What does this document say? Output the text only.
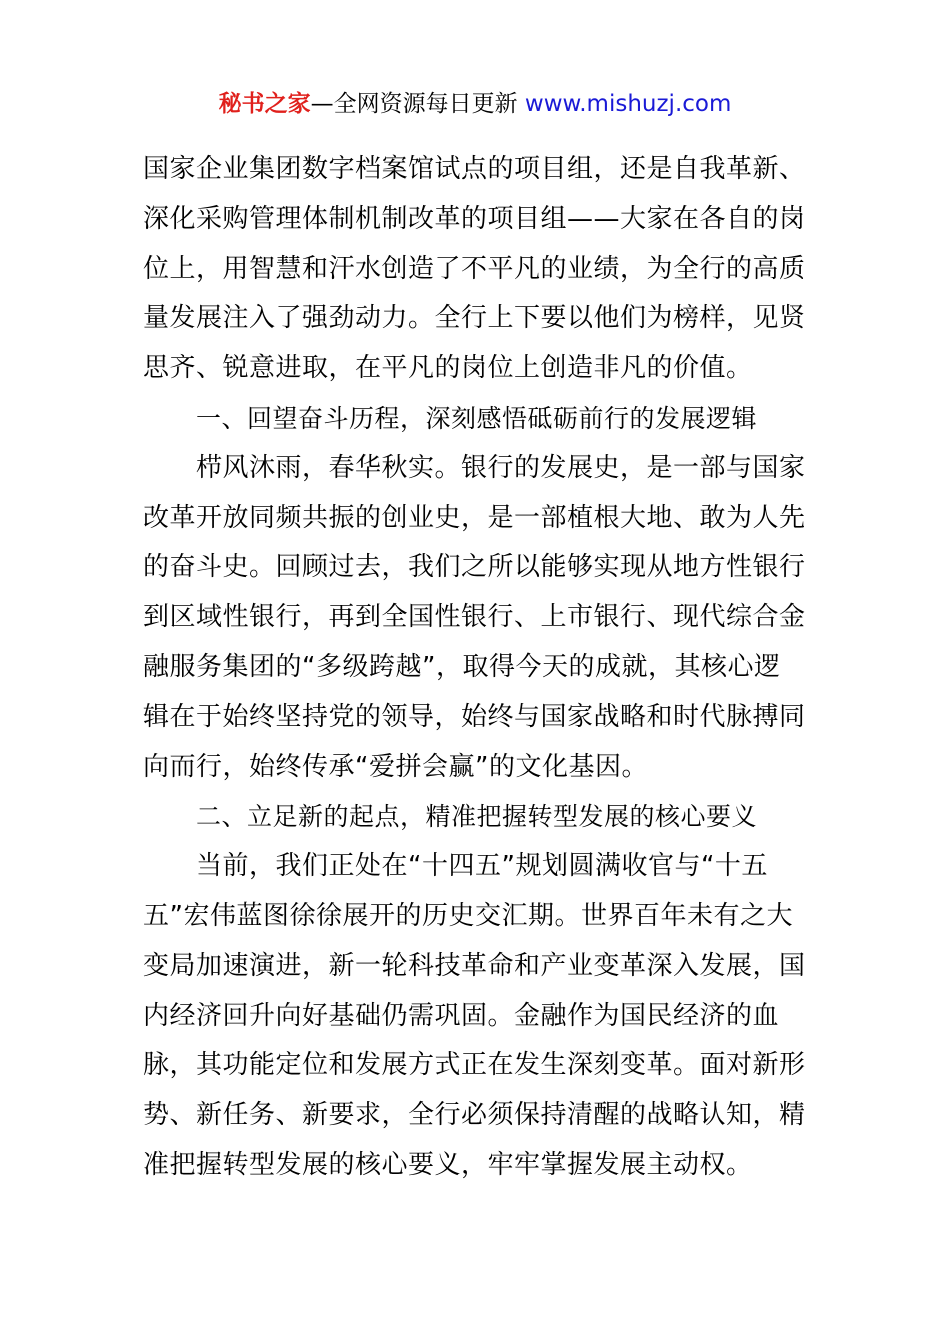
秘书之家—全网资源每日更新 www.mishuzj.com
国家企业集团数字档案馆试点的项目组，还是自我革新、
深化采购管理体制机制改革的项目组——大家在各自的岗
位上，用智慧和汗水创造了不平凡的业绩，为全行的高质
量发展注入了强劲动力。全行上下要以他们为榜样，见贤
思齐、锐意进取，在平凡的岗位上创造非凡的价值。
一、回望奋斗历程，深刻感悟砥砺前行的发展逻辑
栉风沐雨，春华秋实。银行的发展史，是一部与国家
改革开放同频共振的创业史，是一部植根大地、敢为人先
的奋斗史。回顾过去，我们之所以能够实现从地方性银行
到区域性银行，再到全国性银行、上市银行、现代综合金
融服务集团的“多级跨越”，取得今天的成就，其核心逻
辑在于始终坚持党的领导，始终与国家战略和时代脉搏同
向而行，始终传承“爱拼会赢”的文化基因。
二、立足新的起点，精准把握转型发展的核心要义
当前，我们正处在“十四五”规划圆满收官与“十五
五”宏伟蓝图徐徐展开的历史交汇期。世界百年未有之大
变局加速演进，新一轮科技革命和产业变革深入发展，国
内经济回升向好基础仍需巩固。金融作为国民经济的血
脉，其功能定位和发展方式正在发生深刻变革。面对新形
势、新任务、新要求，全行必须保持清醒的战略认知，精
准把握转型发展的核心要义，牢牢掌握发展主动权。
